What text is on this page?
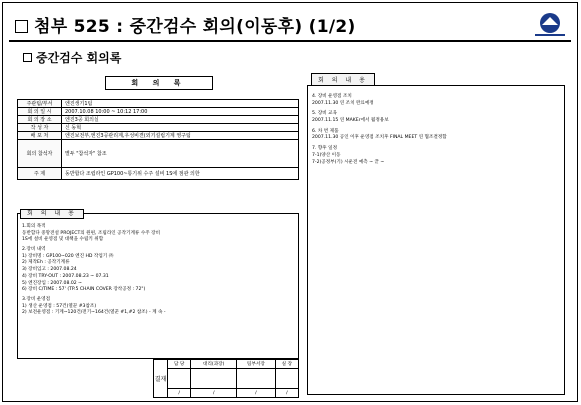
첨부 525 : 중간검수 회의(이동후) (1/2)
중간검수 회의록
회 의 록
주관팀/부서	엔진생기1팀
회 의 일 시	2007.10.08 10:00 ~ 10:12 17:00
회 의 장 소	엔진3공 회의실
작 성 자	신 동혁
배 포 처	엔진보전부,엔진3공관리계,우성비젼(외기설립기계 영구팀
회의 참석자	별두 "참석자" 참조
주 제	동반합다 조립라인 GP100~통기위 수주 설비 1S에 점관 의한
회 의 내 용
1.회의 목적
동반합다 중망전설 PROJECT의 원편, 조립라인 공작기계류 수주 장비
1S에 설비 운영점 및 대책을 수립키 위함
2.장비 내역
1) 장비명 : GP100~020 엔진 HD 작업기 ㈜
2) 제작Eh : 공작기계류
3) 장비입고 : 2007.08.24
4) 장비 TRY-OUT : 2007.08.23 ~ 07.31
5) 엔진장입 : 2007.08.02 ~
6) 장비 C/TIME : 57' (TP.5 CHAIN COVER 장착공정 : 72")
3.장비 운영점
1) 생산 운영점 : 57건(열꾼 #3참조)
2) 보전운영점 : 기계~120건/전기~164건(열꾼 #1,#2 참조) - 계 속 -
결재	담 당	대리(과장)	팀부서장	실 장

	/	/	/	/
회 의 내 용
4. 장비 운영점 조치
2007.11.30 연 조치 완료예정
5. 장비 교육
2007.11.15 연 MAKEr에서 월정용보
6. 차 번 제품
2007.11.30 공인 이후 운영점 조치후 FINAL MEET 연 협조결정함
7. 향후 일정
7-1)양산 이동
7-2)공정부(기) 시운전 예측 ~ 끝 ~
